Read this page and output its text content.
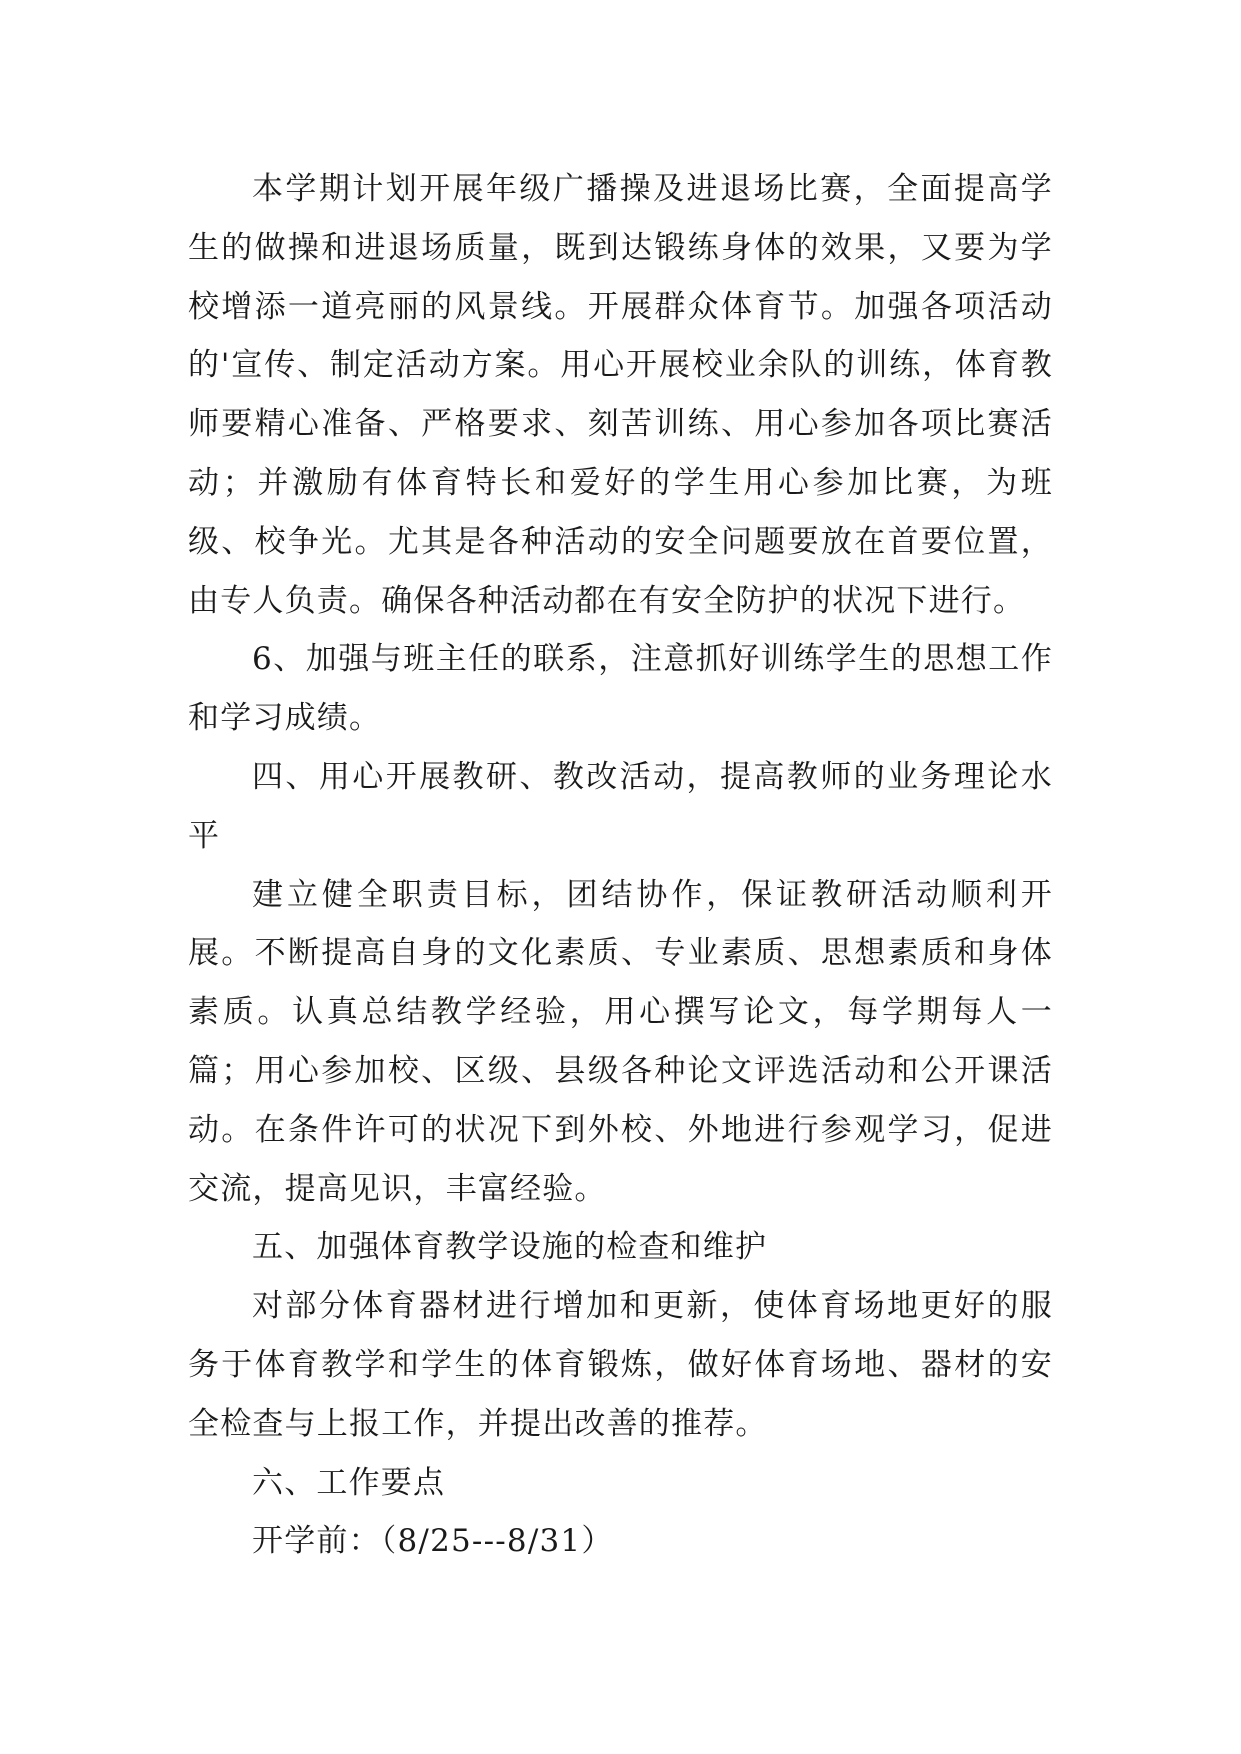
本学期计划开展年级广播操及进退场比赛，全面提高学生的做操和进退场质量，既到达锻练身体的效果，又要为学校增添一道亮丽的风景线。开展群众体育节。加强各项活动的'宣传、制定活动方案。用心开展校业余队的训练，体育教师要精心准备、严格要求、刻苦训练、用心参加各项比赛活动；并激励有体育特长和爱好的学生用心参加比赛，为班级、校争光。尤其是各种活动的安全问题要放在首要位置，由专人负责。确保各种活动都在有安全防护的状况下进行。

6、加强与班主任的联系，注意抓好训练学生的思想工作和学习成绩。

四、用心开展教研、教改活动，提高教师的业务理论水平

建立健全职责目标，团结协作，保证教研活动顺利开展。不断提高自身的文化素质、专业素质、思想素质和身体素质。认真总结教学经验，用心撰写论文，每学期每人一篇；用心参加校、区级、县级各种论文评选活动和公开课活动。在条件许可的状况下到外校、外地进行参观学习，促进交流，提高见识，丰富经验。

五、加强体育教学设施的检查和维护

对部分体育器材进行增加和更新，使体育场地更好的服务于体育教学和学生的体育锻炼，做好体育场地、器材的安全检查与上报工作，并提出改善的推荐。

六、工作要点

开学前：（8/25---8/31）
